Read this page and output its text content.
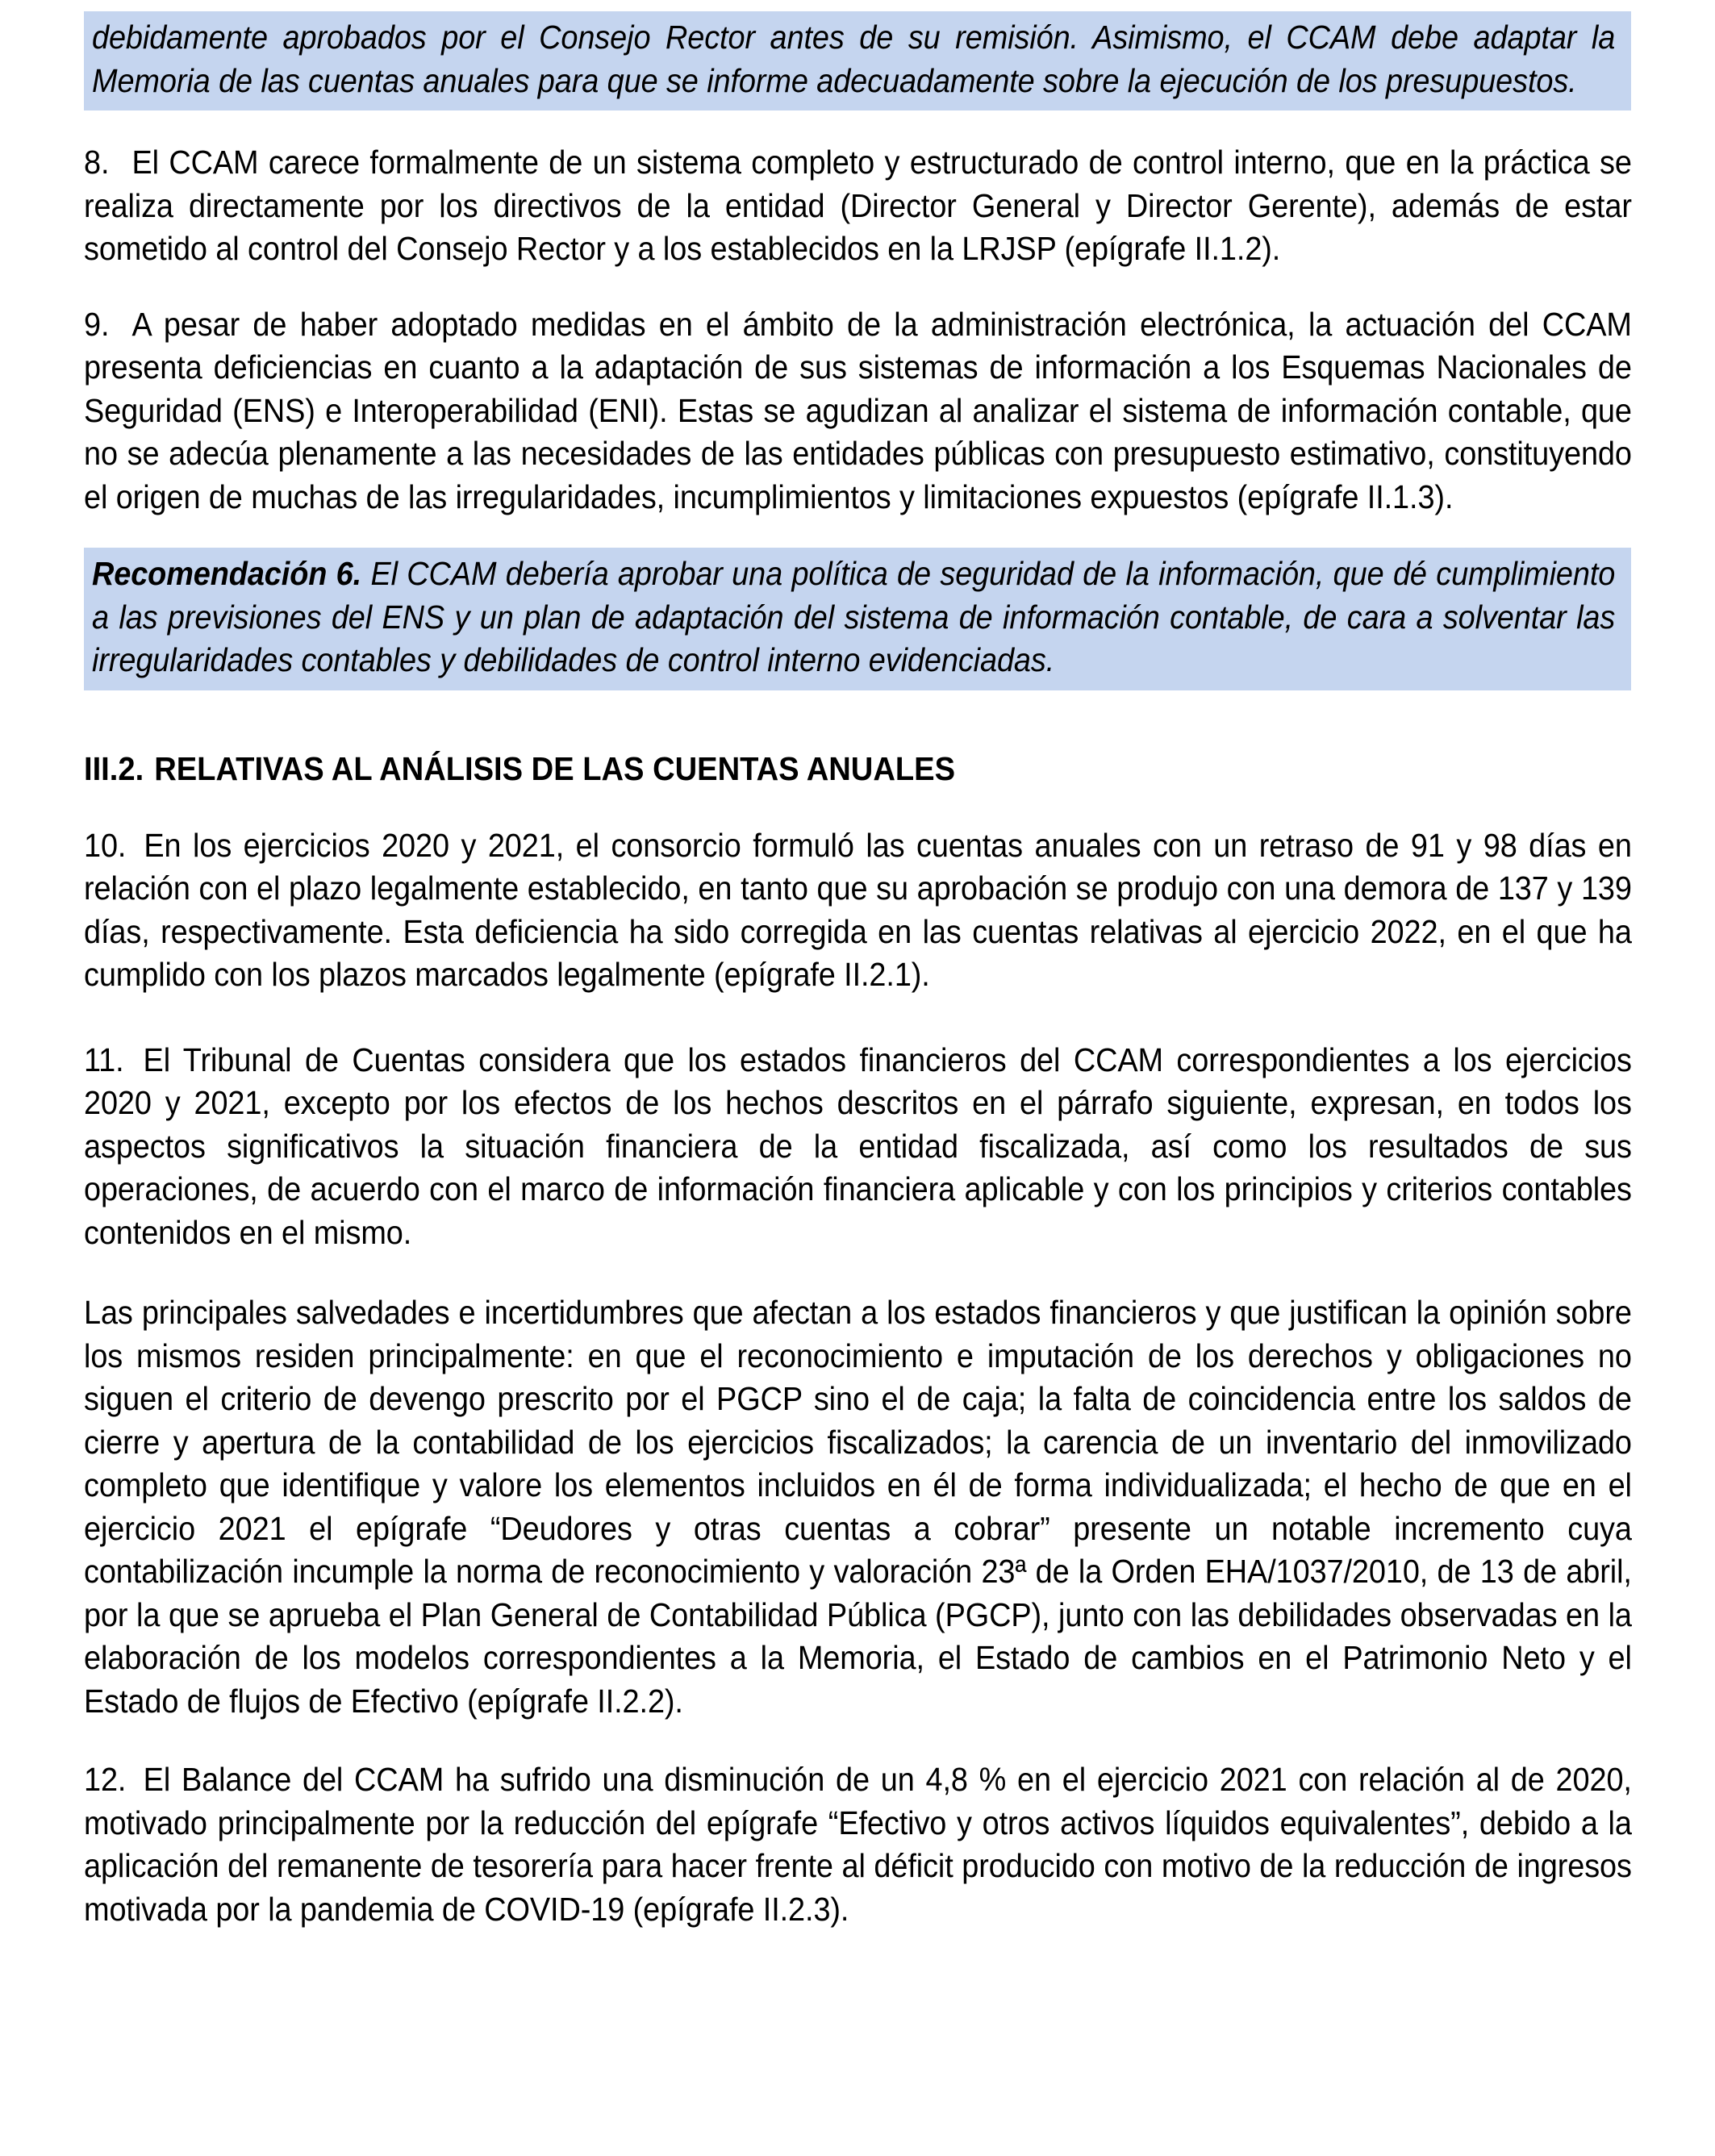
debidamente aprobados por el Consejo Rector antes de su remisión. Asimismo, el CCAM debe adaptar la Memoria de las cuentas anuales para que se informe adecuadamente sobre la ejecución de los presupuestos.

8. El CCAM carece formalmente de un sistema completo y estructurado de control interno, que en la práctica se realiza directamente por los directivos de la entidad (Director General y Director Gerente), además de estar sometido al control del Consejo Rector y a los establecidos en la LRJSP (epígrafe II.1.2).

9. A pesar de haber adoptado medidas en el ámbito de la administración electrónica, la actuación del CCAM presenta deficiencias en cuanto a la adaptación de sus sistemas de información a los Esquemas Nacionales de Seguridad (ENS) e Interoperabilidad (ENI). Estas se agudizan al analizar el sistema de información contable, que no se adecúa plenamente a las necesidades de las entidades públicas con presupuesto estimativo, constituyendo el origen de muchas de las irregularidades, incumplimientos y limitaciones expuestos (epígrafe II.1.3).

Recomendación 6. El CCAM debería aprobar una política de seguridad de la información, que dé cumplimiento a las previsiones del ENS y un plan de adaptación del sistema de información contable, de cara a solventar las irregularidades contables y debilidades de control interno evidenciadas.

III.2. RELATIVAS AL ANÁLISIS DE LAS CUENTAS ANUALES

10. En los ejercicios 2020 y 2021, el consorcio formuló las cuentas anuales con un retraso de 91 y 98 días en relación con el plazo legalmente establecido, en tanto que su aprobación se produjo con una demora de 137 y 139 días, respectivamente. Esta deficiencia ha sido corregida en las cuentas relativas al ejercicio 2022, en el que ha cumplido con los plazos marcados legalmente (epígrafe II.2.1).

11. El Tribunal de Cuentas considera que los estados financieros del CCAM correspondientes a los ejercicios 2020 y 2021, excepto por los efectos de los hechos descritos en el párrafo siguiente, expresan, en todos los aspectos significativos la situación financiera de la entidad fiscalizada, así como los resultados de sus operaciones, de acuerdo con el marco de información financiera aplicable y con los principios y criterios contables contenidos en el mismo.

Las principales salvedades e incertidumbres que afectan a los estados financieros y que justifican la opinión sobre los mismos residen principalmente: en que el reconocimiento e imputación de los derechos y obligaciones no siguen el criterio de devengo prescrito por el PGCP sino el de caja; la falta de coincidencia entre los saldos de cierre y apertura de la contabilidad de los ejercicios fiscalizados; la carencia de un inventario del inmovilizado completo que identifique y valore los elementos incluidos en él de forma individualizada; el hecho de que en el ejercicio 2021 el epígrafe “Deudores y otras cuentas a cobrar” presente un notable incremento cuya contabilización incumple la norma de reconocimiento y valoración 23ª de la Orden EHA/1037/2010, de 13 de abril, por la que se aprueba el Plan General de Contabilidad Pública (PGCP), junto con las debilidades observadas en la elaboración de los modelos correspondientes a la Memoria, el Estado de cambios en el Patrimonio Neto y el Estado de flujos de Efectivo (epígrafe II.2.2).

12. El Balance del CCAM ha sufrido una disminución de un 4,8 % en el ejercicio 2021 con relación al de 2020, motivado principalmente por la reducción del epígrafe “Efectivo y otros activos líquidos equivalentes”, debido a la aplicación del remanente de tesorería para hacer frente al déficit producido con motivo de la reducción de ingresos motivada por la pandemia de COVID-19 (epígrafe II.2.3).
